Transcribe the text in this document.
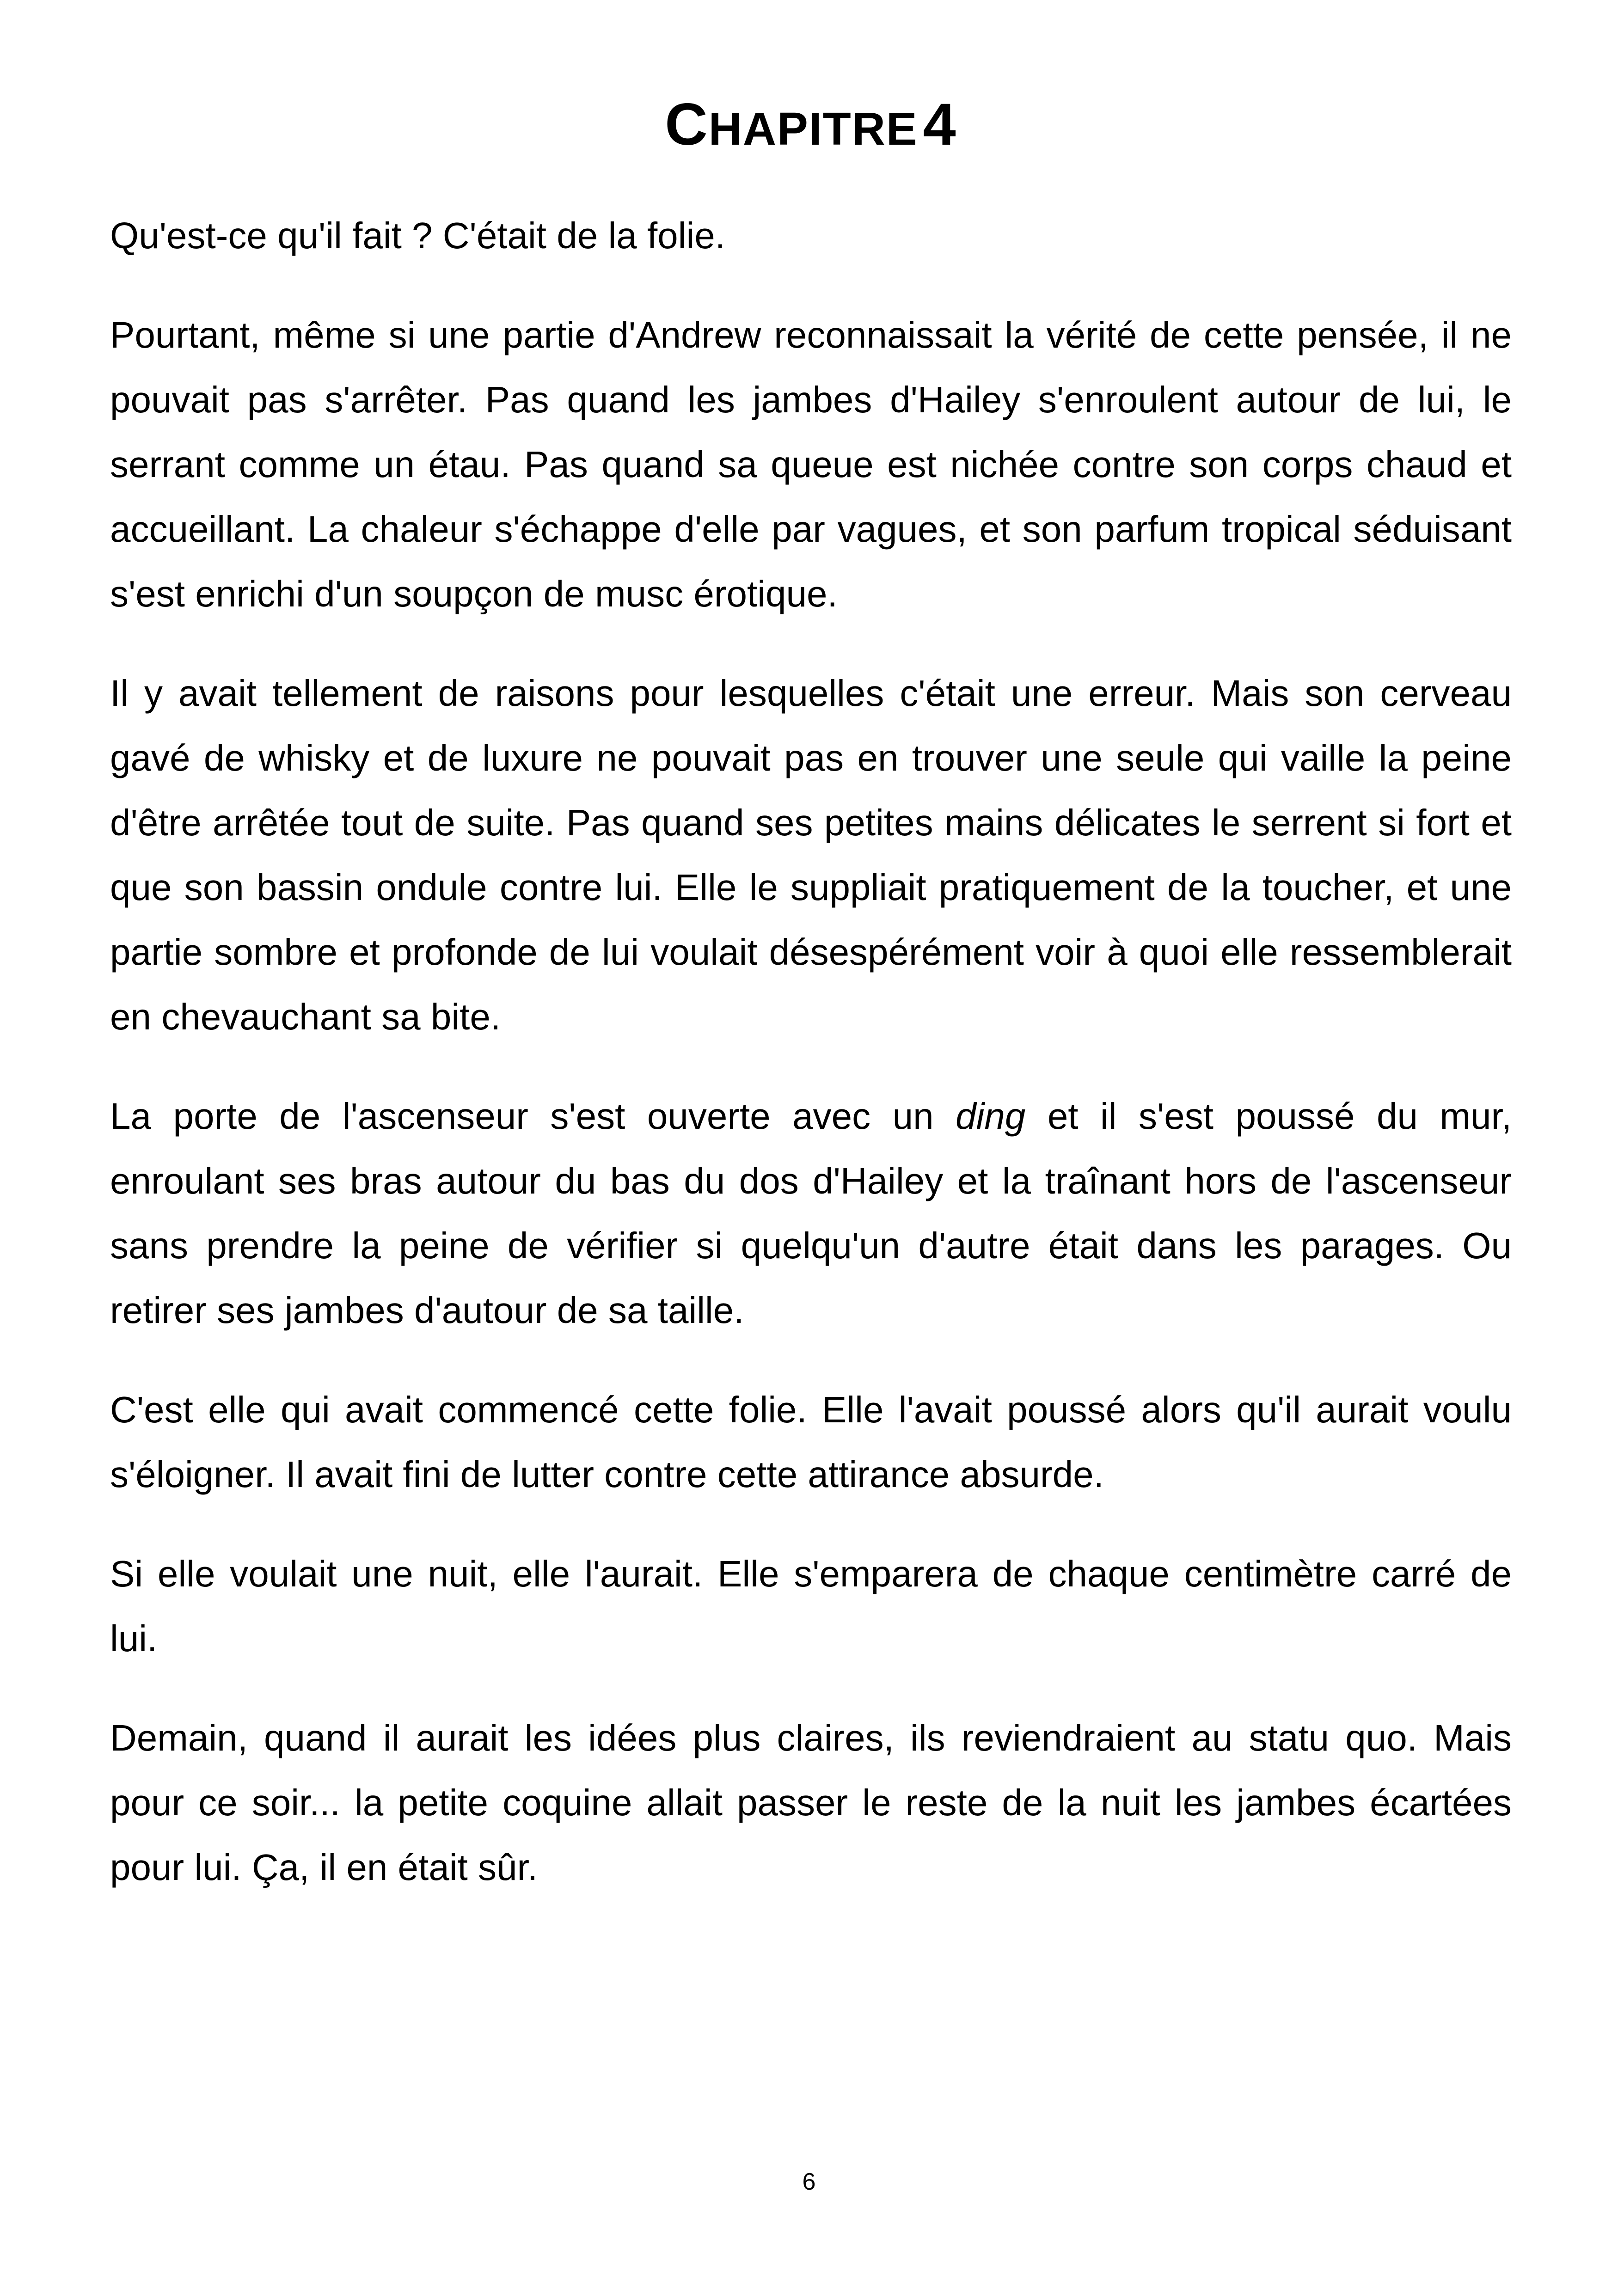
CHAPITRE 4

Qu'est-ce qu'il fait ? C'était de la folie.

Pourtant, même si une partie d'Andrew reconnaissait la vérité de cette pensée, il ne pouvait pas s'arrêter. Pas quand les jambes d'Hailey s'enroulent autour de lui, le serrant comme un étau. Pas quand sa queue est nichée contre son corps chaud et accueillant. La chaleur s'échappe d'elle par vagues, et son parfum tropical séduisant s'est enrichi d'un soupçon de musc érotique.

Il y avait tellement de raisons pour lesquelles c'était une erreur. Mais son cerveau gavé de whisky et de luxure ne pouvait pas en trouver une seule qui vaille la peine d'être arrêtée tout de suite. Pas quand ses petites mains délicates le serrent si fort et que son bassin ondule contre lui. Elle le suppliait pratiquement de la toucher, et une partie sombre et profonde de lui voulait désespérément voir à quoi elle ressemblerait en chevauchant sa bite.

La porte de l'ascenseur s'est ouverte avec un ding et il s'est poussé du mur, enroulant ses bras autour du bas du dos d'Hailey et la traînant hors de l'ascenseur sans prendre la peine de vérifier si quelqu'un d'autre était dans les parages. Ou retirer ses jambes d'autour de sa taille.

C'est elle qui avait commencé cette folie. Elle l'avait poussé alors qu'il aurait voulu s'éloigner. Il avait fini de lutter contre cette attirance absurde.

Si elle voulait une nuit, elle l'aurait. Elle s'emparera de chaque centimètre carré de lui.

Demain, quand il aurait les idées plus claires, ils reviendraient au statu quo. Mais pour ce soir... la petite coquine allait passer le reste de la nuit les jambes écartées pour lui. Ça, il en était sûr.

6
